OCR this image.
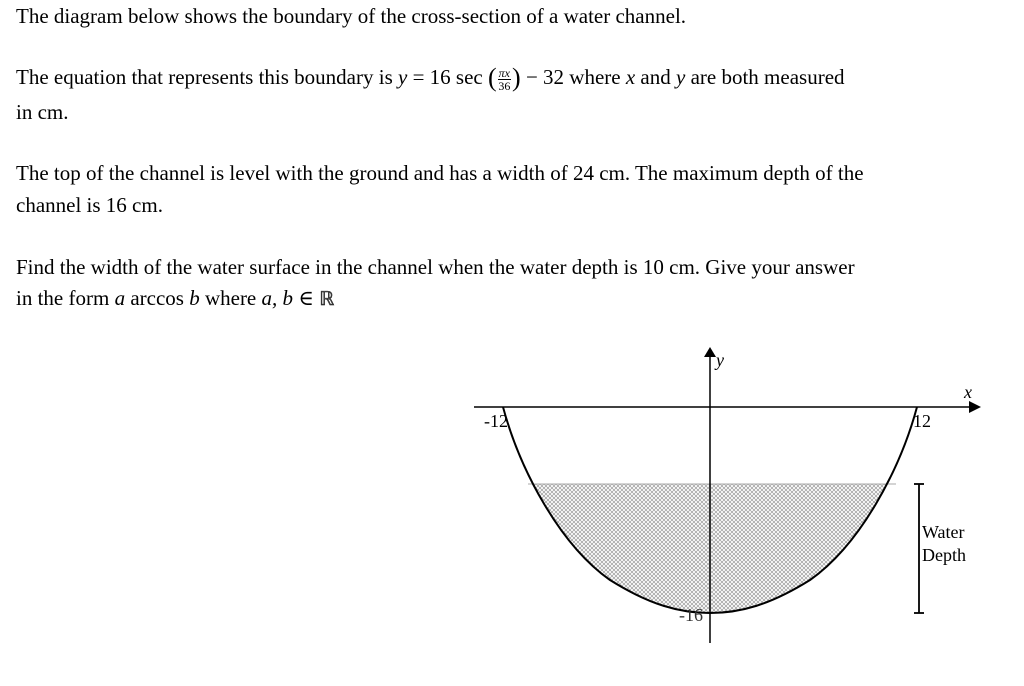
The diagram below shows the boundary of the cross-section of a water channel.

The equation that represents this boundary is y = 16 sec ( $\frac{\pi x}{36}$ ) − 32 where x and y are both measured

in cm.

The top of the channel is level with the ground and has a width of 24 cm. The maximum depth of the

channel is 16 cm.

Find the width of the water surface in the channel when the water depth is 10 cm. Give your answer

in the form a arccos b where a, b ∈ ℝ

y
x
-12	12
-16
Water
Depth
